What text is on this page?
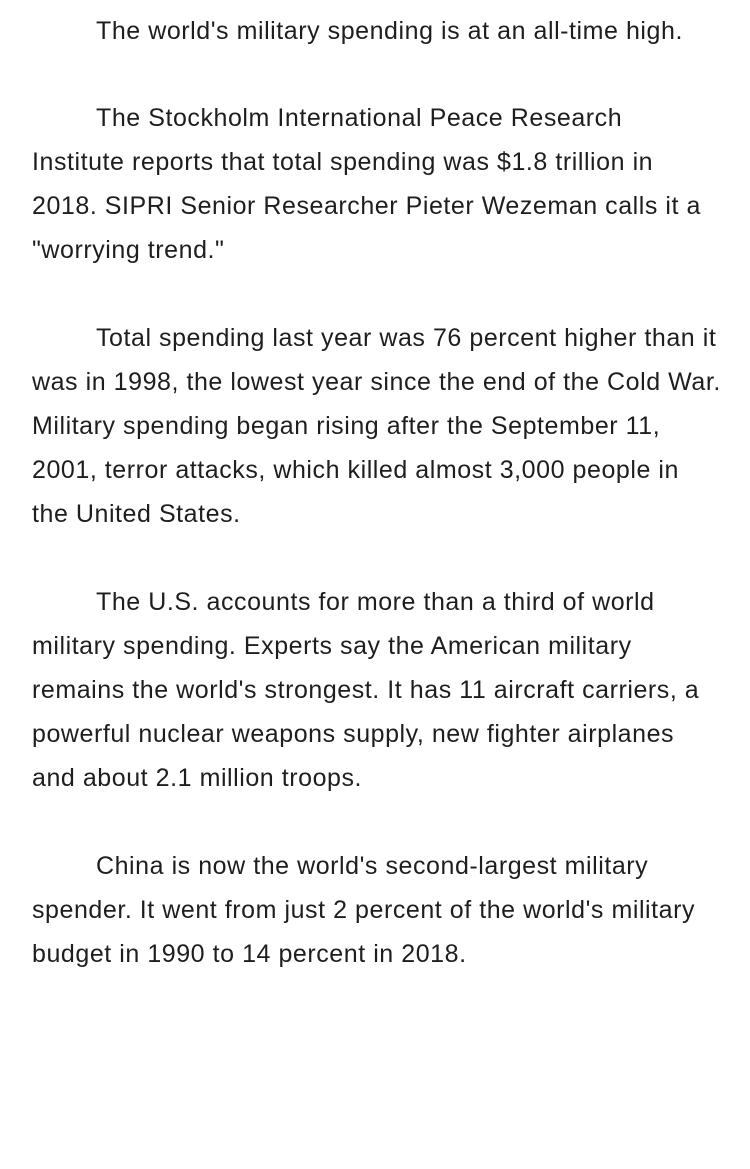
The world's military spending is at an all-time high.

The Stockholm International Peace Research Institute reports that total spending was $1.8 trillion in 2018. SIPRI Senior Researcher Pieter Wezeman calls it a "worrying trend."

Total spending last year was 76 percent higher than it was in 1998, the lowest year since the end of the Cold War. Military spending began rising after the September 11, 2001, terror attacks, which killed almost 3,000 people in the United States.

The U.S. accounts for more than a third of world military spending. Experts say the American military remains the world's strongest. It has 11 aircraft carriers, a powerful nuclear weapons supply, new fighter airplanes and about 2.1 million troops.

China is now the world's second-largest military spender. It went from just 2 percent of the world's military budget in 1990 to 14 percent in 2018.
